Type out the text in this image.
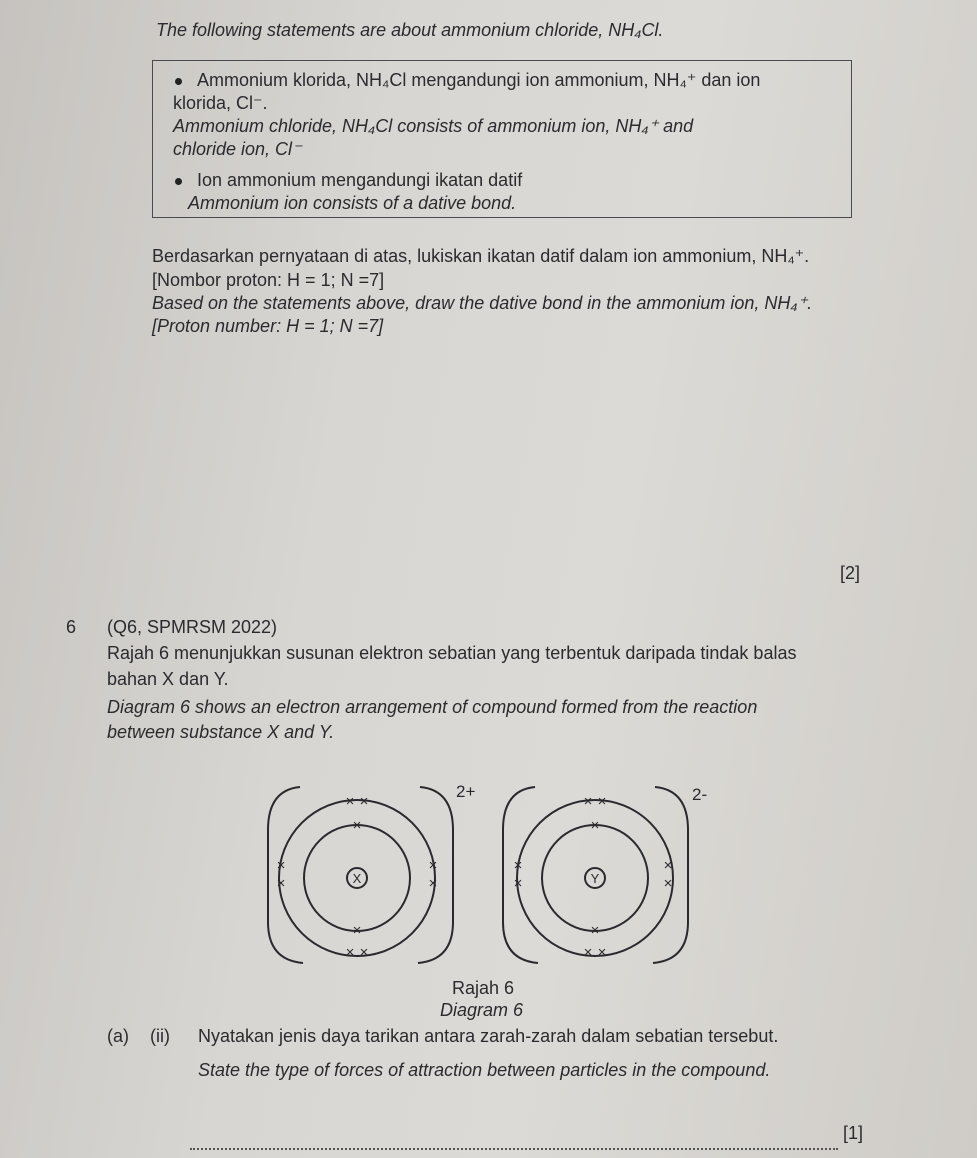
The following statements are about ammonium chloride, NH₄Cl.
Ammonium klorida, NH₄Cl mengandungi ion ammonium, NH₄⁺ dan ion
klorida, Cl⁻.
Ammonium chloride, NH₄Cl consists of ammonium ion, NH₄⁺ and
chloride ion, Cl⁻
Ion ammonium mengandungi ikatan datif
Ammonium ion consists of a dative bond.
Berdasarkan pernyataan di atas, lukiskan ikatan datif dalam ion ammonium, NH₄⁺.
[Nombor proton: H = 1; N =7]
Based on the statements above, draw the dative bond in the ammonium ion, NH₄⁺.
[Proton number: H = 1; N =7]
[2]
6 (Q6, SPMRSM 2022)
Rajah 6 menunjukkan susunan elektron sebatian yang terbentuk daripada tindak balas
bahan X dan Y.
Diagram 6 shows an electron arrangement of compound formed from the reaction
between substance X and Y.
× ×
×
×
×
×
×
×
× ×
× ×
×
×
×
×
×
×
× ×
X	Y
2+	2-
Rajah 6
Diagram 6
(a) (ii) Nyatakan jenis daya tarikan antara zarah-zarah dalam sebatian tersebut.
State the type of forces of attraction between particles in the compound.
[1]
